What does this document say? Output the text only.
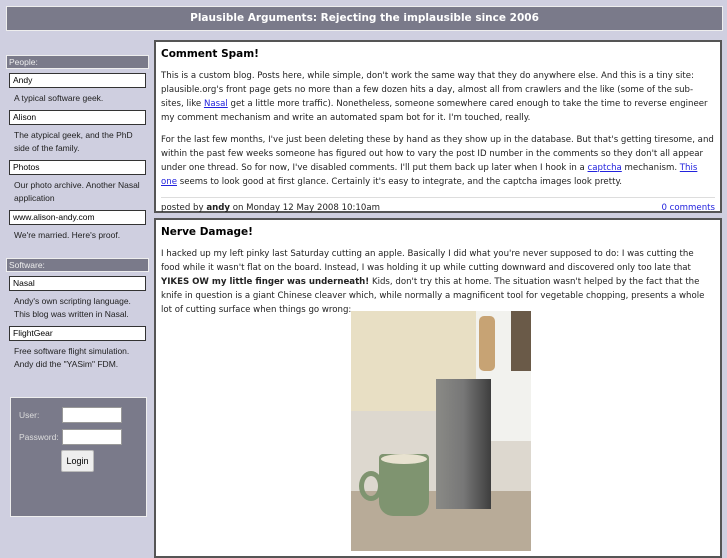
Plausible Arguments: Rejecting the implausible since 2006
People:
Andy
A typical software geek.
Alison
The atypical geek, and the PhD side of the family.
Photos
Our photo archive. Another Nasal application
www.alison-andy.com
We're married. Here's proof.
Software:
Nasal
Andy's own scripting language. This blog was written in Nasal.
FlightGear
Free software flight simulation. Andy did the "YASim" FDM.
User:
Password:
Login
Comment Spam!

This is a custom blog. Posts here, while simple, don't work the same way that they do anywhere else. And this is a tiny site: plausible.org's front page gets no more than a few dozen hits a day, almost all from crawlers and the like (some of the sub-sites, like Nasal get a little more traffic). Nonetheless, someone somewhere cared enough to take the time to reverse engineer my comment mechanism and write an automated spam bot for it. I'm touched, really.

For the last few months, I've just been deleting these by hand as they show up in the database. But that's getting tiresome, and within the past few weeks someone has figured out how to vary the post ID number in the comments so they don't all appear under one thread. So for now, I've disabled comments. I'll put them back up later when I hook in a captcha mechanism. This one seems to look good at first glance. Certainly it's easy to integrate, and the captcha images look pretty.

posted by andy on Monday 12 May 2008 10:10am	0 comments
Nerve Damage!

I hacked up my left pinky last Saturday cutting an apple. Basically I did what you're never supposed to do: I was cutting the food while it wasn't flat on the board. Instead, I was holding it up while cutting downward and discovered only too late that YIKES OW my little finger was underneath! Kids, don't try this at home. The situation wasn't helped by the fact that the knife in question is a giant Chinese cleaver which, while normally a magnificent tool for vegetable chopping, presents a whole lot of cutting surface when things go wrong:
